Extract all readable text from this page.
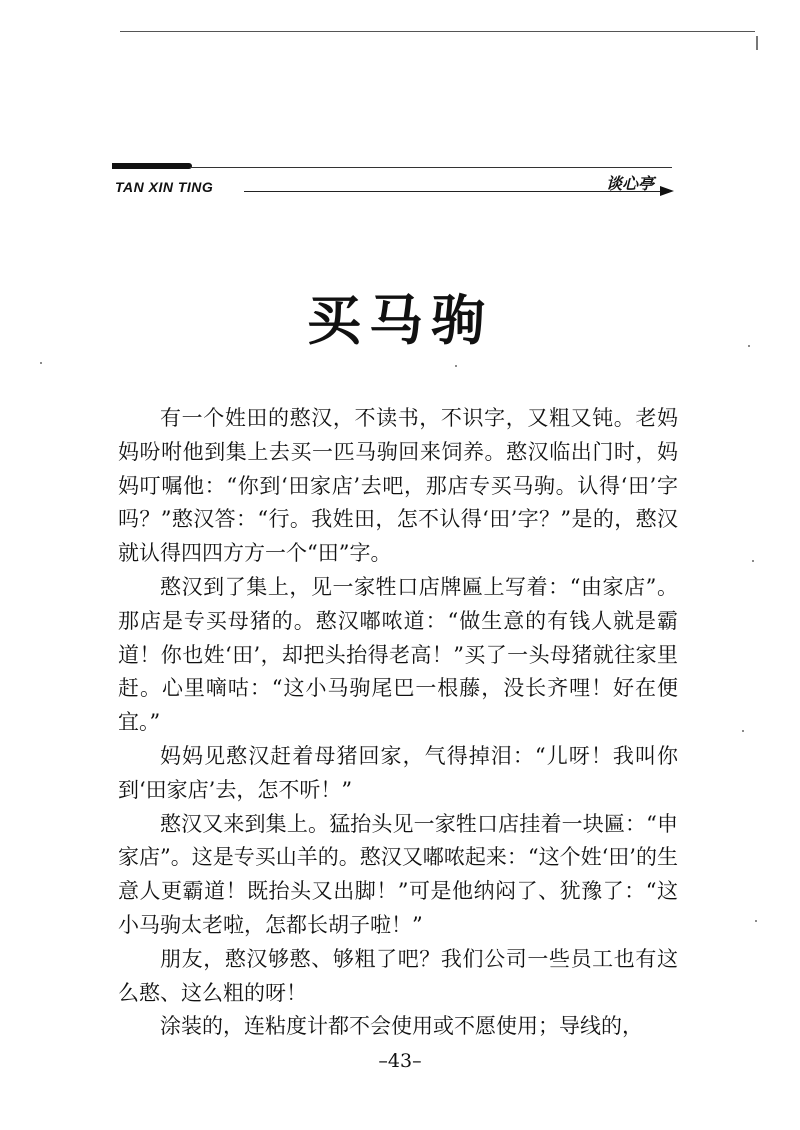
TAN XIN TING	谈心亭
买马驹

有一个姓田的憨汉，不读书，不识字，又粗又钝。老妈妈吩咐他到集上去买一匹马驹回来饲养。憨汉临出门时，妈妈叮嘱他：“你到‘田家店’去吧，那店专买马驹。认得‘田’字吗？”憨汉答：“行。我姓田，怎不认得‘田’字？”是的，憨汉就认得四四方方一个“田”字。

憨汉到了集上，见一家牲口店牌匾上写着：“由家店”。那店是专买母猪的。憨汉嘟哝道：“做生意的有钱人就是霸道！你也姓‘田’，却把头抬得老高！”买了一头母猪就往家里赶。心里嘀咕：“这小马驹尾巴一根藤，没长齐哩！好在便宜。”

妈妈见憨汉赶着母猪回家，气得掉泪：“儿呀！我叫你到‘田家店’去，怎不听！”

憨汉又来到集上。猛抬头见一家牲口店挂着一块匾：“申家店”。这是专买山羊的。憨汉又嘟哝起来：“这个姓‘田’的生意人更霸道！既抬头又出脚！”可是他纳闷了、犹豫了：“这小马驹太老啦，怎都长胡子啦！”

朋友，憨汉够憨、够粗了吧？我们公司一些员工也有这么憨、这么粗的呀！

涂装的，连粘度计都不会使用或不愿使用；导线的，

–43–
